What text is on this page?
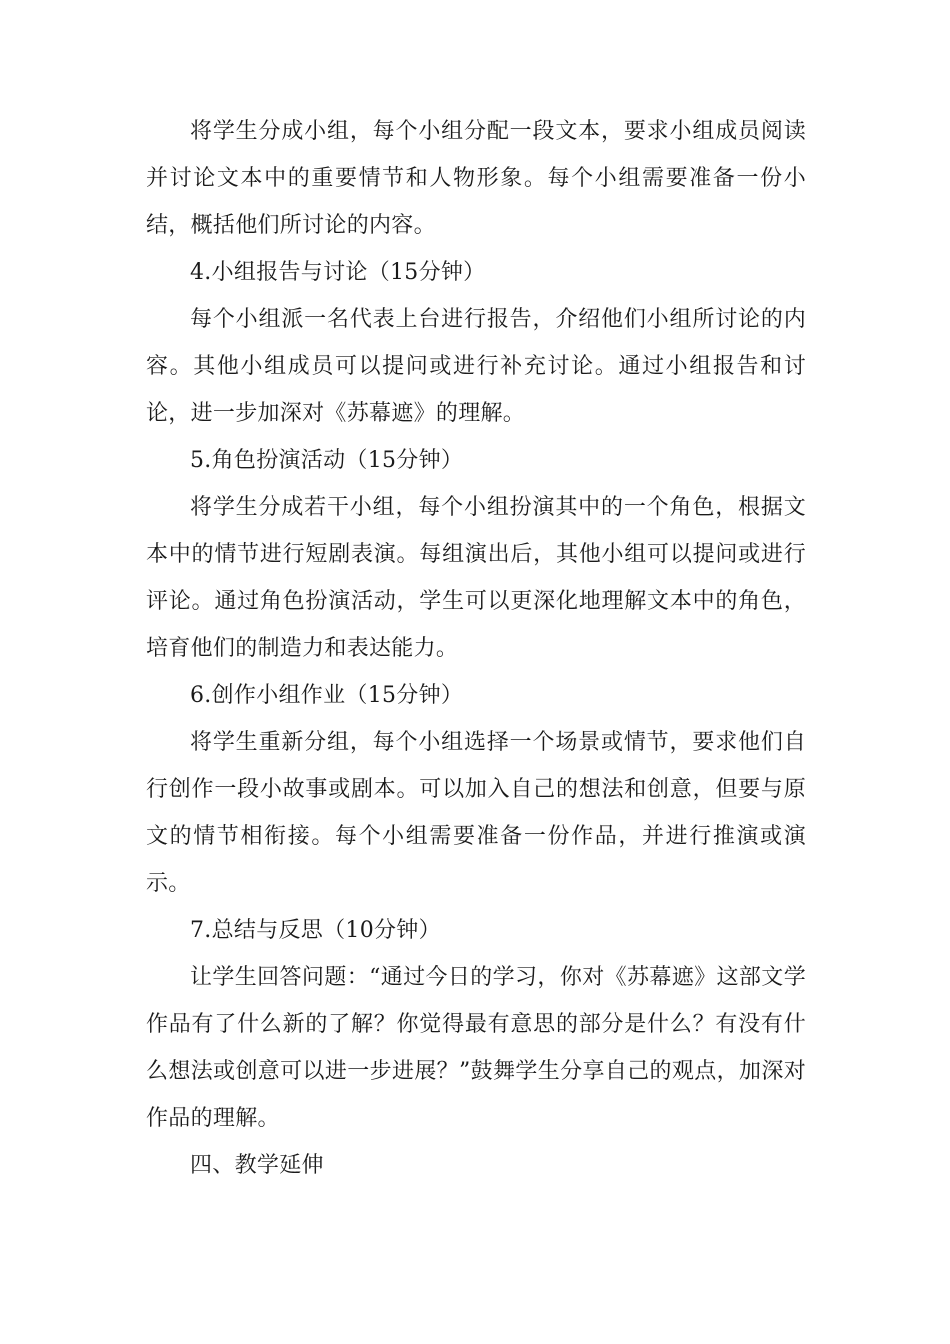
将学生分成小组，每个小组分配一段文本，要求小组成员阅读并讨论文本中的重要情节和人物形象。每个小组需要准备一份小结，概括他们所讨论的内容。

4.小组报告与讨论（15分钟）

每个小组派一名代表上台进行报告，介绍他们小组所讨论的内容。其他小组成员可以提问或进行补充讨论。通过小组报告和讨论，进一步加深对《苏幕遮》的理解。

5.角色扮演活动（15分钟）

将学生分成若干小组，每个小组扮演其中的一个角色，根据文本中的情节进行短剧表演。每组演出后，其他小组可以提问或进行评论。通过角色扮演活动，学生可以更深化地理解文本中的角色，培育他们的制造力和表达能力。

6.创作小组作业（15分钟）

将学生重新分组，每个小组选择一个场景或情节，要求他们自行创作一段小故事或剧本。可以加入自己的想法和创意，但要与原文的情节相衔接。每个小组需要准备一份作品，并进行推演或演示。

7.总结与反思（10分钟）

让学生回答问题：“通过今日的学习，你对《苏幕遮》这部文学作品有了什么新的了解？你觉得最有意思的部分是什么？有没有什么想法或创意可以进一步进展？”鼓舞学生分享自己的观点，加深对作品的理解。

四、教学延伸
